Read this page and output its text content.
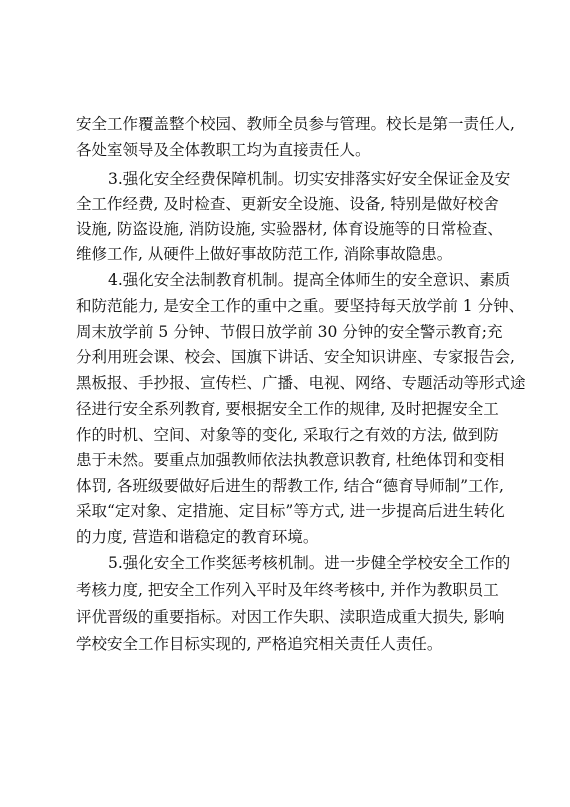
安全工作覆盖整个校园、教师全员参与管理。校长是第一责任人,
各处室领导及全体教职工均为直接责任人。
3.强化安全经费保障机制。切实安排落实好安全保证金及安
全工作经费, 及时检查、更新安全设施、设备, 特别是做好校舍
设施, 防盗设施, 消防设施, 实验器材, 体育设施等的日常检查、
维修工作, 从硬件上做好事故防范工作, 消除事故隐患。
4.强化安全法制教育机制。提高全体师生的安全意识、素质
和防范能力, 是安全工作的重中之重。要坚持每天放学前 1 分钟、
周末放学前 5 分钟、节假日放学前 30 分钟的安全警示教育;充
分利用班会课、校会、国旗下讲话、安全知识讲座、专家报告会,
黑板报、手抄报、宣传栏、广播、电视、网络、专题活动等形式途
径进行安全系列教育, 要根据安全工作的规律, 及时把握安全工
作的时机、空间、对象等的变化, 采取行之有效的方法, 做到防
患于未然。要重点加强教师依法执教意识教育, 杜绝体罚和变相
体罚, 各班级要做好后进生的帮教工作, 结合“德育导师制”工作,
采取“定对象、定措施、定目标”等方式, 进一步提高后进生转化
的力度, 营造和谐稳定的教育环境。
5.强化安全工作奖惩考核机制。进一步健全学校安全工作的
考核力度, 把安全工作列入平时及年终考核中, 并作为教职员工
评优晋级的重要指标。对因工作失职、渎职造成重大损失, 影响
学校安全工作目标实现的, 严格追究相关责任人责任。
